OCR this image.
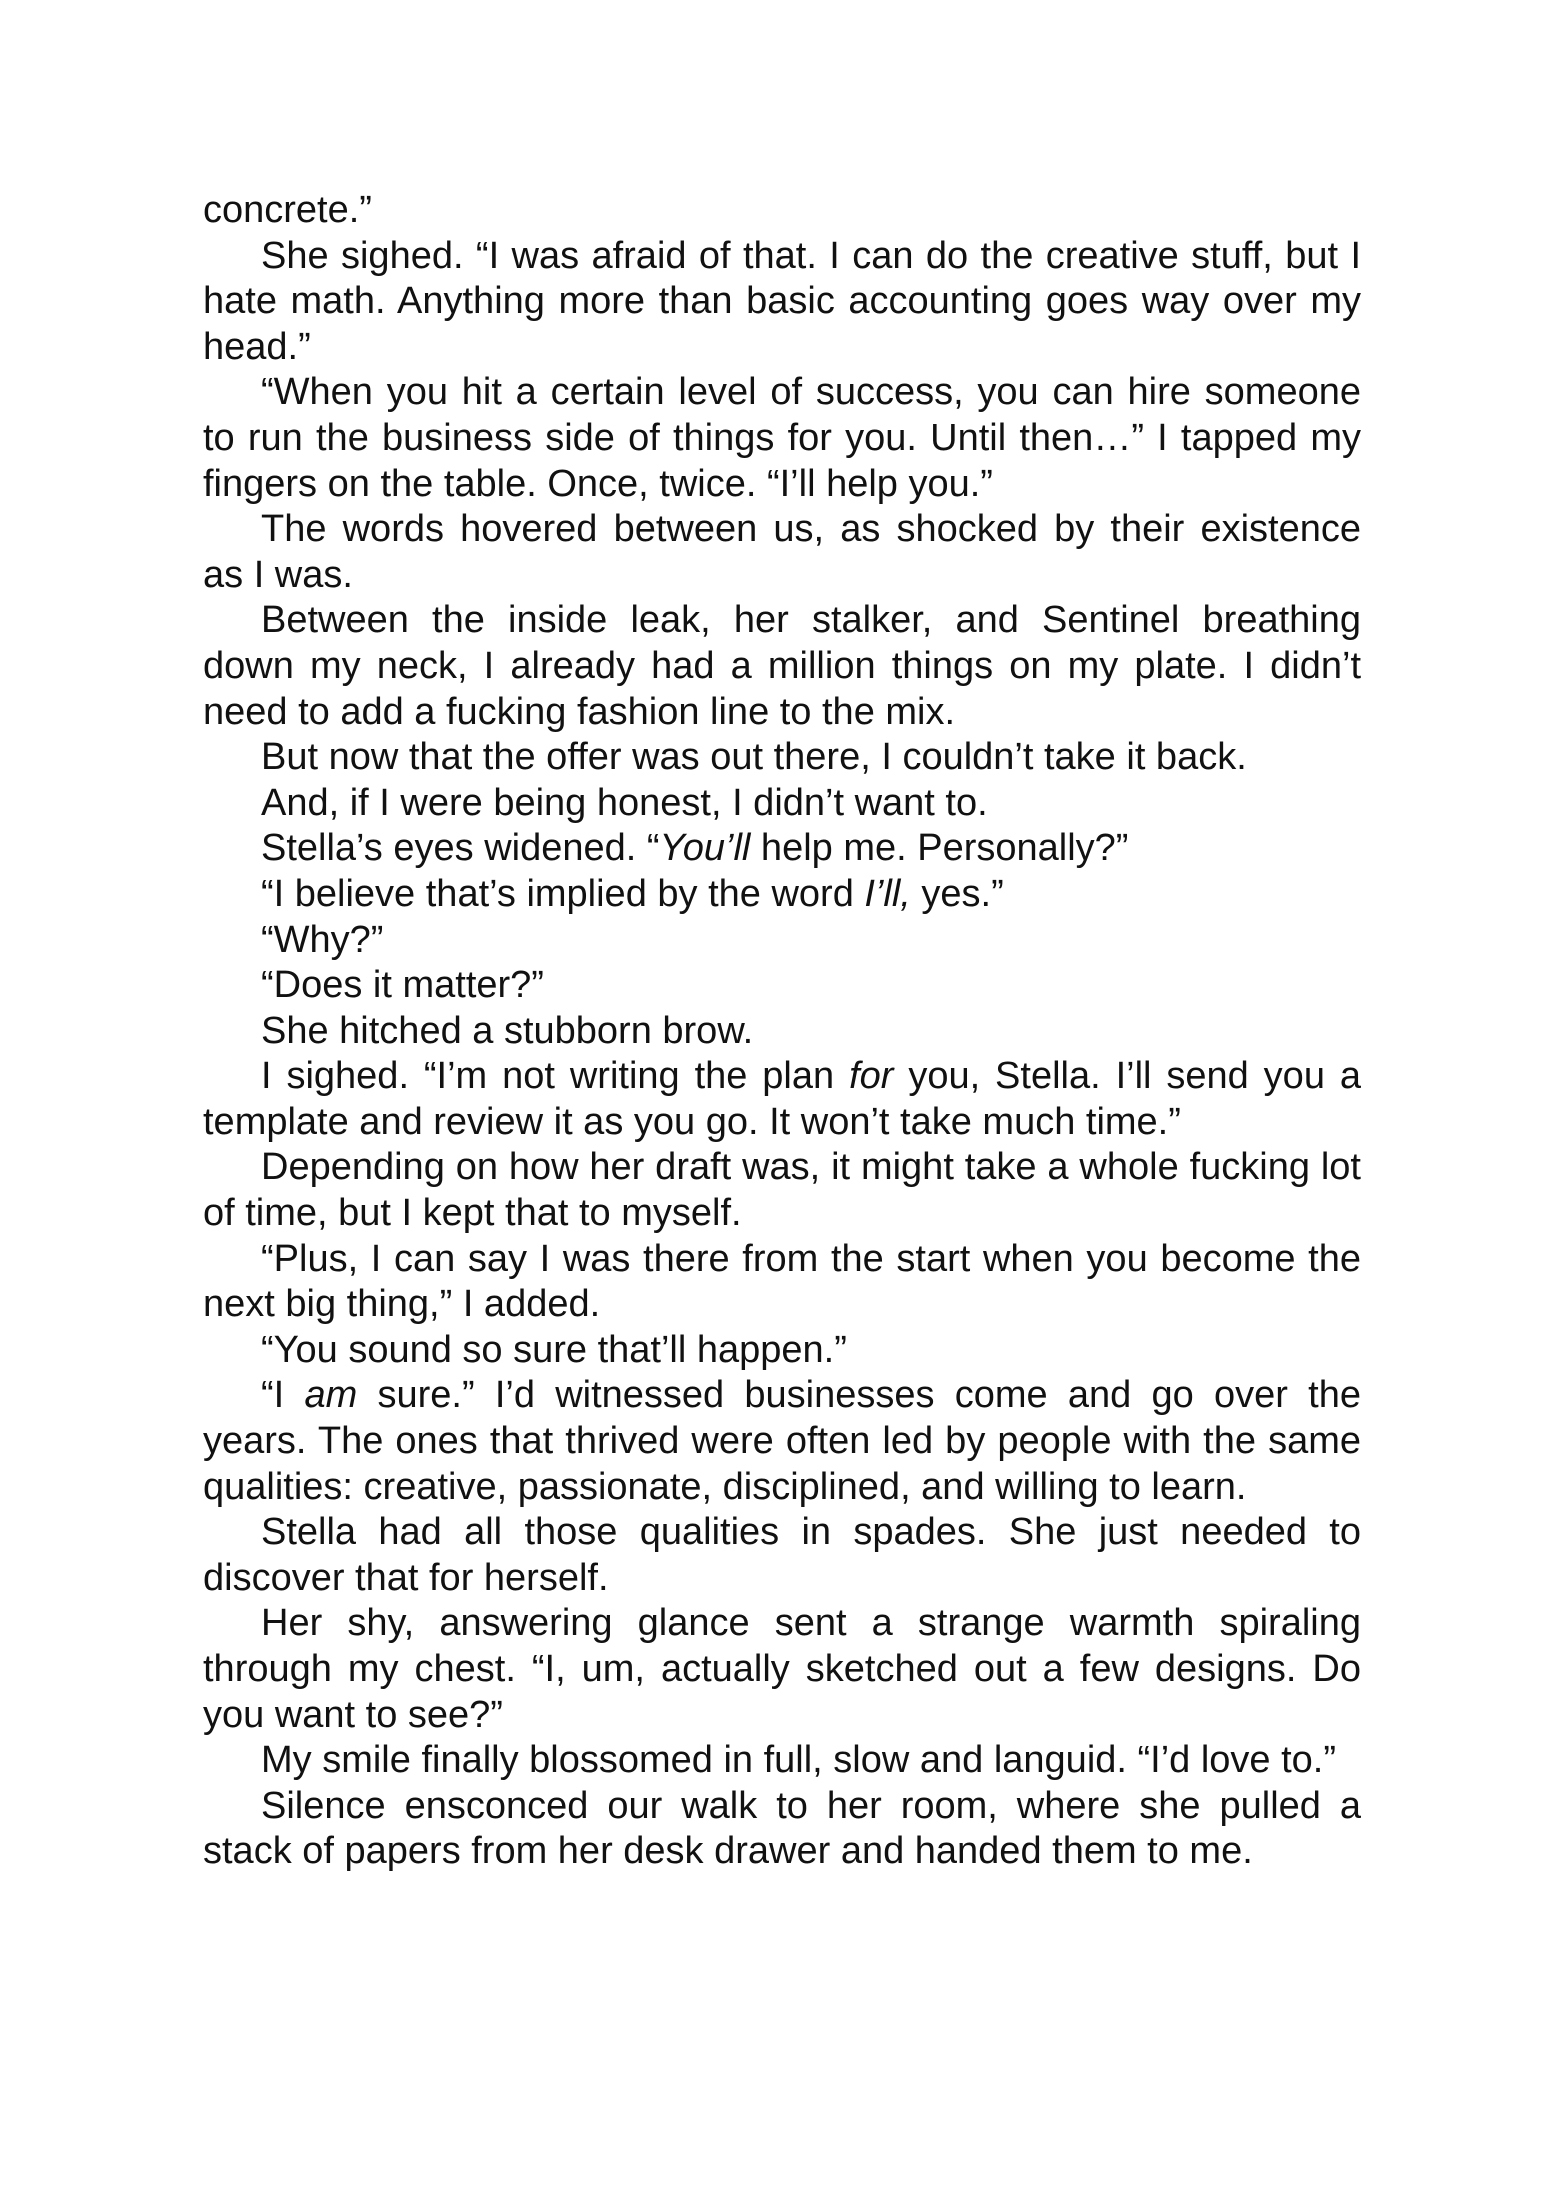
concrete.”

She sighed. “I was afraid of that. I can do the creative stuff, but I hate math. Anything more than basic accounting goes way over my head.”

“When you hit a certain level of success, you can hire someone to run the business side of things for you. Until then…” I tapped my fingers on the table. Once, twice. “I’ll help you.”

The words hovered between us, as shocked by their existence as I was.

Between the inside leak, her stalker, and Sentinel breathing down my neck, I already had a million things on my plate. I didn’t need to add a fucking fashion line to the mix.

But now that the offer was out there, I couldn’t take it back.

And, if I were being honest, I didn’t want to.

Stella’s eyes widened. “You’ll help me. Personally?”

“I believe that’s implied by the word I’ll, yes.”

“Why?”

“Does it matter?”

She hitched a stubborn brow.

I sighed. “I’m not writing the plan for you, Stella. I’ll send you a template and review it as you go. It won’t take much time.”

Depending on how her draft was, it might take a whole fucking lot of time, but I kept that to myself.

“Plus, I can say I was there from the start when you become the next big thing,” I added.

“You sound so sure that’ll happen.”

“I am sure.” I’d witnessed businesses come and go over the years. The ones that thrived were often led by people with the same qualities: creative, passionate, disciplined, and willing to learn.

Stella had all those qualities in spades. She just needed to discover that for herself.

Her shy, answering glance sent a strange warmth spiraling through my chest. “I, um, actually sketched out a few designs. Do you want to see?”

My smile finally blossomed in full, slow and languid. “I’d love to.”

Silence ensconced our walk to her room, where she pulled a stack of papers from her desk drawer and handed them to me.
